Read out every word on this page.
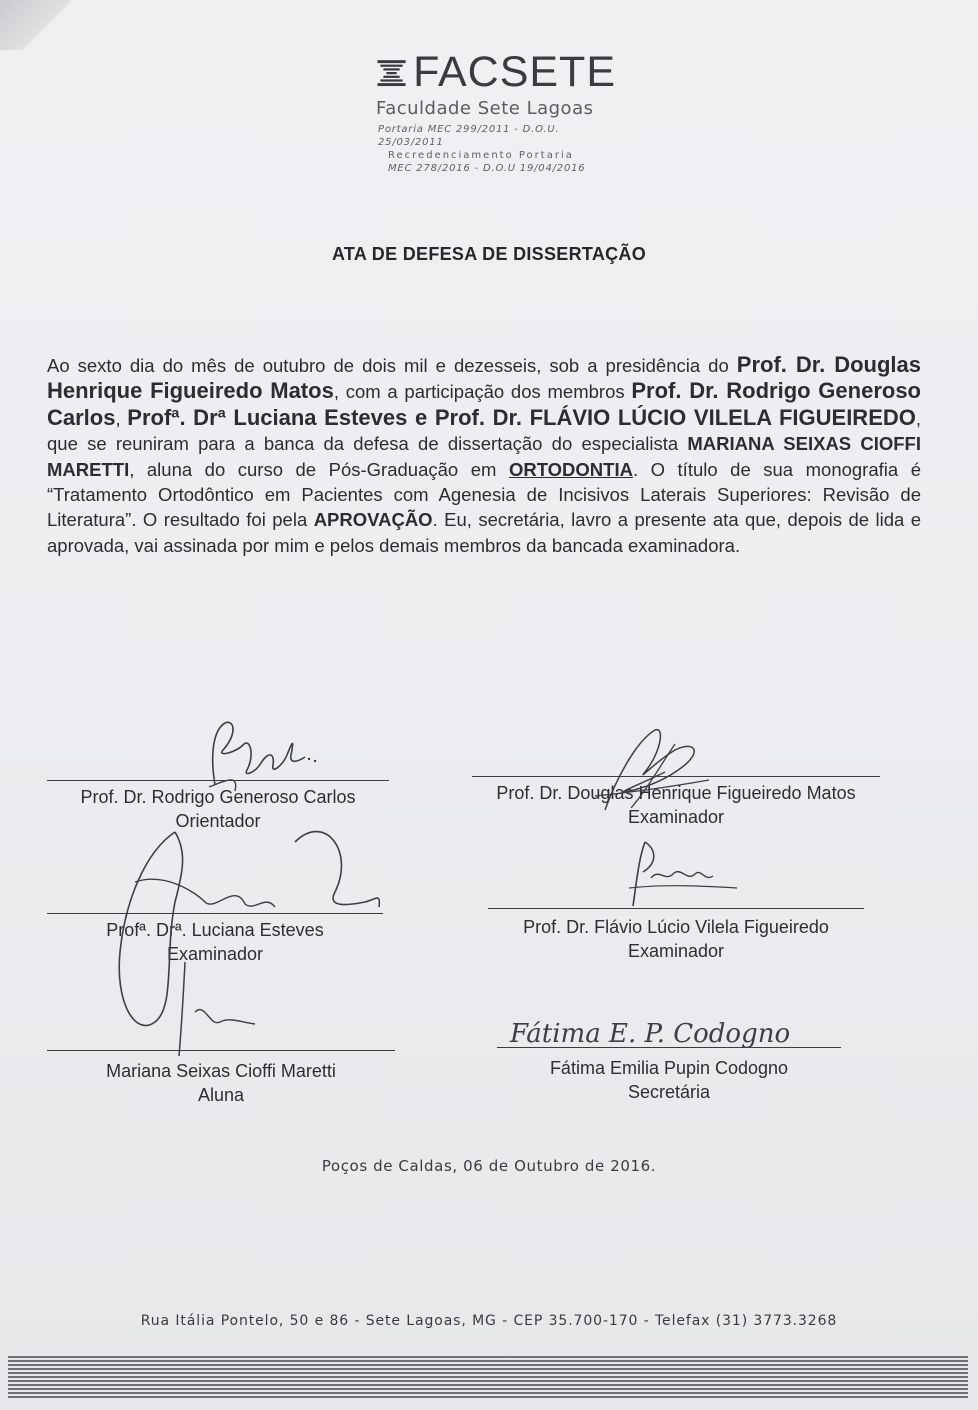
FACSETE
Faculdade Sete Lagoas
Portaria MEC 299/2011 - D.O.U. 25/03/2011
Recredenciamento Portaria
MEC 278/2016 - D.O.U 19/04/2016
ATA DE DEFESA DE DISSERTAÇÃO
Ao sexto dia do mês de outubro de dois mil e dezesseis, sob a presidência do Prof. Dr. Douglas Henrique Figueiredo Matos, com a participação dos membros Prof. Dr. Rodrigo Generoso Carlos, Profª. Drª Luciana Esteves e Prof. Dr. FLÁVIO LÚCIO VILELA FIGUEIREDO, que se reuniram para a banca da defesa de dissertação do especialista MARIANA SEIXAS CIOFFI MARETTI, aluna do curso de Pós-Graduação em ORTODONTIA. O título de sua monografia é “Tratamento Ortodôntico em Pacientes com Agenesia de Incisivos Laterais Superiores: Revisão de Literatura”. O resultado foi pela APROVAÇÃO. Eu, secretária, lavro a presente ata que, depois de lida e aprovada, vai assinada por mim e pelos demais membros da bancada examinadora.
Prof. Dr. Rodrigo Generoso Carlos
Orientador
Prof. Dr. Douglas Henrique Figueiredo Matos
Examinador
Profª. Drª. Luciana Esteves
Examinador
Prof. Dr. Flávio Lúcio Vilela Figueiredo
Examinador
Mariana Seixas Cioffi Maretti
Aluna
Fátima Emilia Pupin Codogno
Secretária
Fátima E. P. Codogno
Poços de Caldas, 06 de Outubro de 2016.
Rua Itália Pontelo, 50 e 86 - Sete Lagoas, MG - CEP 35.700-170 - Telefax (31) 3773.3268
